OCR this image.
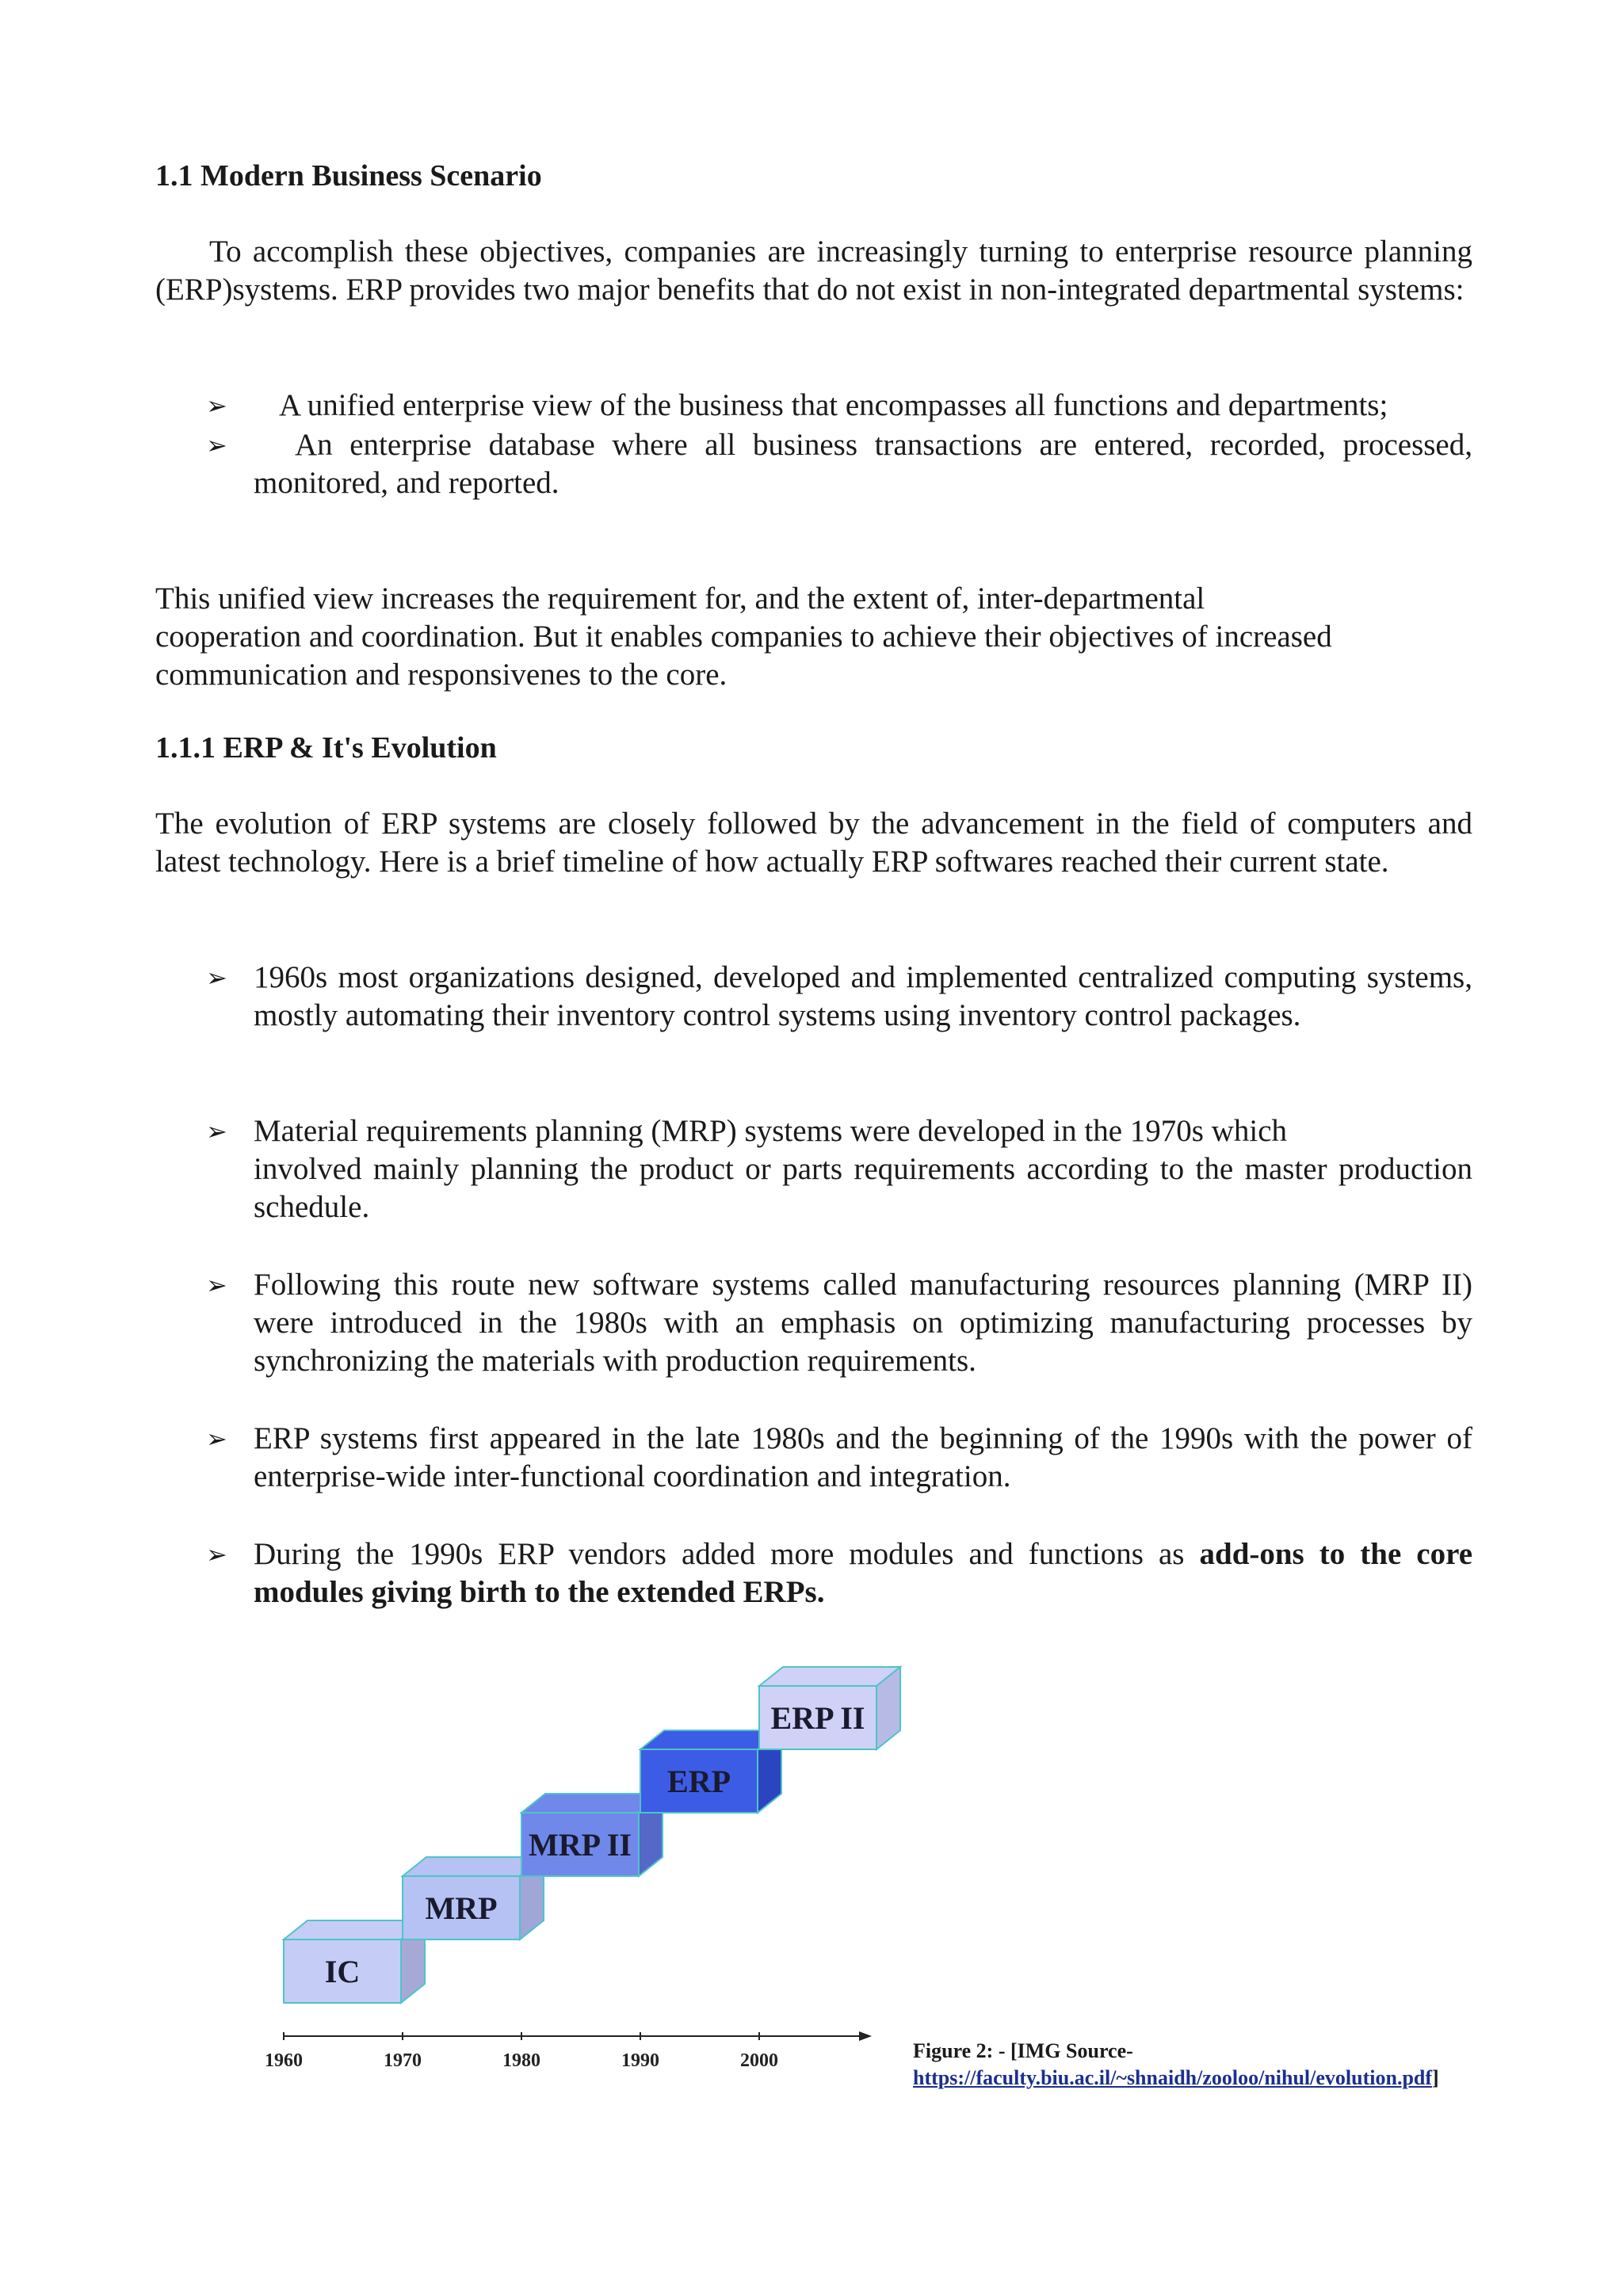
1.1 Modern Business Scenario
To accomplish these objectives, companies are increasingly turning to enterprise resource planning (ERP)systems. ERP provides two major benefits that do not exist in non-integrated departmental systems:
➢	A unified enterprise view of the business that encompasses all functions and departments;
➢	An enterprise database where all business transactions are entered, recorded, processed, monitored, and reported.
This unified view increases the requirement for, and the extent of, inter-departmental
cooperation and coordination. But it enables companies to achieve their objectives of increased
communication and responsivenes to the core.
1.1.1 ERP & It's Evolution
The evolution of ERP systems are closely followed by the advancement in the field of computers and latest technology. Here is a brief timeline of how actually ERP softwares reached their current state.
➢ 1960s most organizations designed, developed and implemented centralized computing systems, mostly automating their inventory control systems using inventory control packages.
➢ Material requirements planning (MRP) systems were developed in the 1970s which
involved mainly planning the product or parts requirements according to the master production schedule.
➢ Following this route new software systems called manufacturing resources planning (MRP II) were introduced in the 1980s with an emphasis on optimizing manufacturing processes by synchronizing the materials with production requirements.
➢ ERP systems first appeared in the late 1980s and the beginning of the 1990s with the power of enterprise-wide inter-functional coordination and integration.
➢ During the 1990s ERP vendors added more modules and functions as add-ons to the core modules giving birth to the extended ERPs.
IC
MRP
MRP II
ERP
ERP II
1960	1970	1980	1990	2000	Figure 2: - [IMG Source-
https://faculty.biu.ac.il/~shnaidh/zooloo/nihul/evolution.pdf]
